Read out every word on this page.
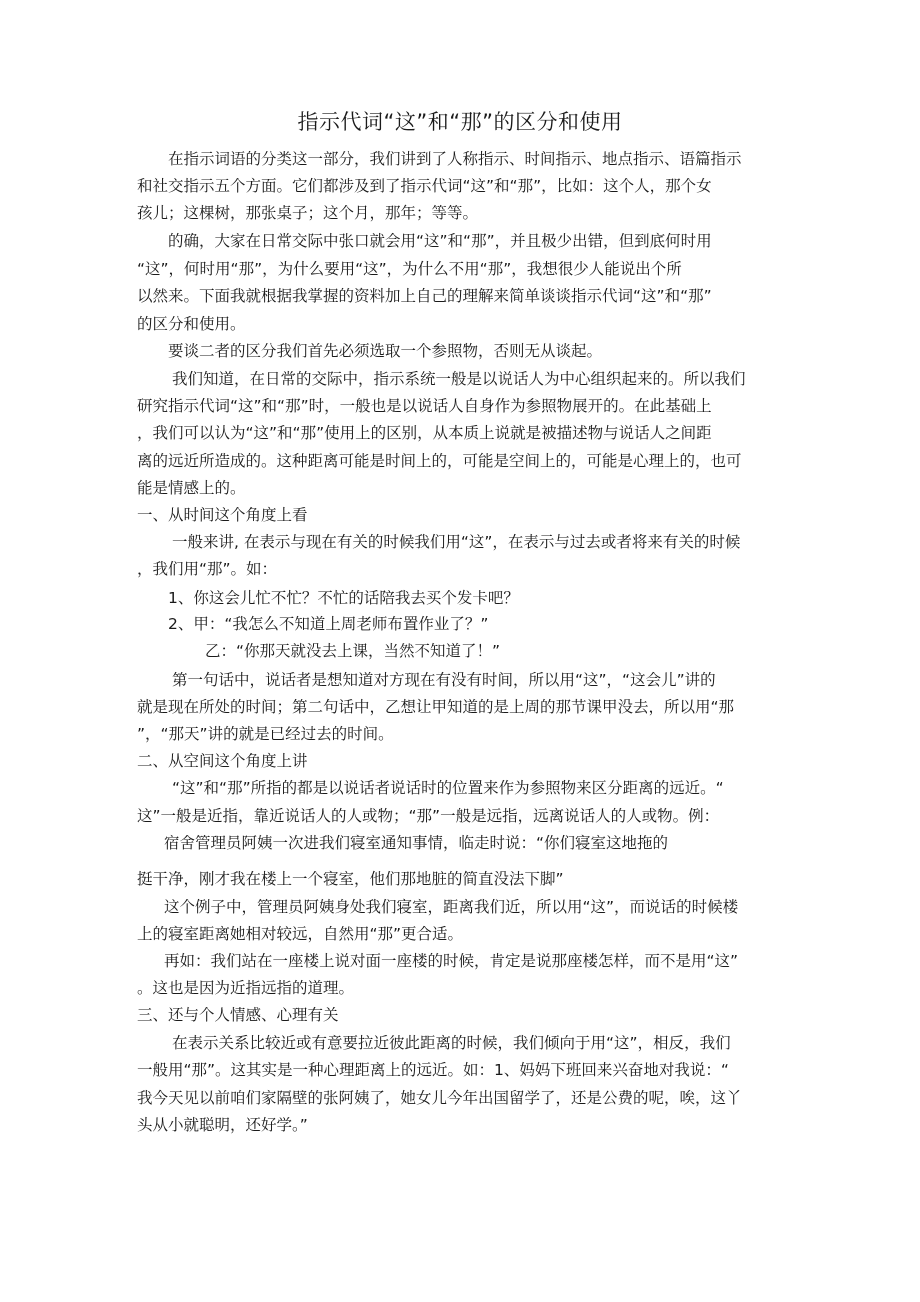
指示代词“这”和“那”的区分和使用
在指示词语的分类这一部分，我们讲到了人称指示、时间指示、地点指示、语篇指示
和社交指示五个方面。它们都涉及到了指示代词“这”和“那”，比如：这个人，那个女
孩儿；这棵树，那张桌子；这个月，那年；等等。
的确，大家在日常交际中张口就会用“这”和“那”，并且极少出错，但到底何时用
“这”，何时用“那”，为什么要用“这”，为什么不用“那”，我想很少人能说出个所
以然来。下面我就根据我掌握的资料加上自己的理解来简单谈谈指示代词“这”和“那”
的区分和使用。
要谈二者的区分我们首先必须选取一个参照物，否则无从谈起。
我们知道，在日常的交际中，指示系统一般是以说话人为中心组织起来的。所以我们
研究指示代词“这”和“那”时，一般也是以说话人自身作为参照物展开的。在此基础上
，我们可以认为“这”和“那”使用上的区别，从本质上说就是被描述物与说话人之间距
离的远近所造成的。这种距离可能是时间上的，可能是空间上的，可能是心理上的，也可
能是情感上的。
一、从时间这个角度上看
一般来讲, 在表示与现在有关的时候我们用“这”，在表示与过去或者将来有关的时候
，我们用“那”。如：
1、你这会儿忙不忙？不忙的话陪我去买个发卡吧？
2、甲：“我怎么不知道上周老师布置作业了？”
乙：“你那天就没去上课，当然不知道了！”
第一句话中，说话者是想知道对方现在有没有时间，所以用“这”，“这会儿”讲的
就是现在所处的时间；第二句话中，乙想让甲知道的是上周的那节课甲没去，所以用“那
”，“那天”讲的就是已经过去的时间。
二、从空间这个角度上讲
“这”和“那”所指的都是以说话者说话时的位置来作为参照物来区分距离的远近。“
这”一般是近指，靠近说话人的人或物；“那”一般是远指，远离说话人的人或物。例：
宿舍管理员阿姨一次进我们寝室通知事情，临走时说：“你们寝室这地拖的
挺干净，刚才我在楼上一个寝室，他们那地脏的简直没法下脚”
这个例子中，管理员阿姨身处我们寝室，距离我们近，所以用“这”，而说话的时候楼
上的寝室距离她相对较远，自然用“那”更合适。
再如：我们站在一座楼上说对面一座楼的时候，肯定是说那座楼怎样，而不是用“这”
。这也是因为近指远指的道理。
三、还与个人情感、心理有关
在表示关系比较近或有意要拉近彼此距离的时候，我们倾向于用“这”，相反，我们
一般用“那”。这其实是一种心理距离上的远近。如：1、妈妈下班回来兴奋地对我说：“
我今天见以前咱们家隔壁的张阿姨了，她女儿今年出国留学了，还是公费的呢，唉，这丫
头从小就聪明，还好学。”
